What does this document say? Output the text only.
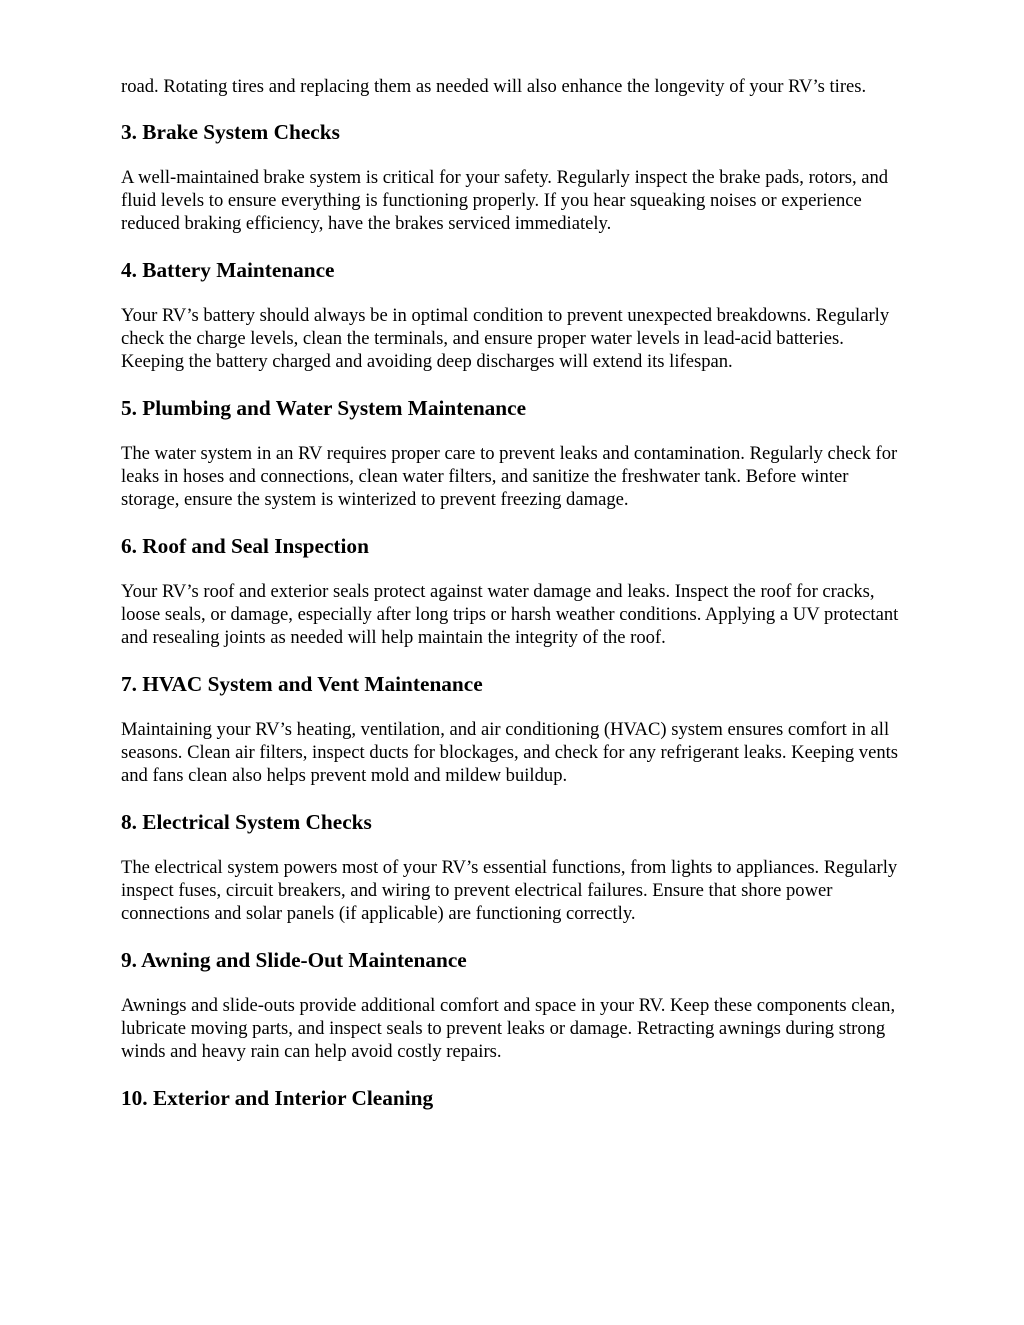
road. Rotating tires and replacing them as needed will also enhance the longevity of your RV’s tires.

3. Brake System Checks

A well-maintained brake system is critical for your safety. Regularly inspect the brake pads, rotors, and fluid levels to ensure everything is functioning properly. If you hear squeaking noises or experience reduced braking efficiency, have the brakes serviced immediately.

4. Battery Maintenance

Your RV’s battery should always be in optimal condition to prevent unexpected breakdowns. Regularly check the charge levels, clean the terminals, and ensure proper water levels in lead-acid batteries. Keeping the battery charged and avoiding deep discharges will extend its lifespan.

5. Plumbing and Water System Maintenance

The water system in an RV requires proper care to prevent leaks and contamination. Regularly check for leaks in hoses and connections, clean water filters, and sanitize the freshwater tank. Before winter storage, ensure the system is winterized to prevent freezing damage.

6. Roof and Seal Inspection

Your RV’s roof and exterior seals protect against water damage and leaks. Inspect the roof for cracks, loose seals, or damage, especially after long trips or harsh weather conditions. Applying a UV protectant and resealing joints as needed will help maintain the integrity of the roof.

7. HVAC System and Vent Maintenance

Maintaining your RV’s heating, ventilation, and air conditioning (HVAC) system ensures comfort in all seasons. Clean air filters, inspect ducts for blockages, and check for any refrigerant leaks. Keeping vents and fans clean also helps prevent mold and mildew buildup.

8. Electrical System Checks

The electrical system powers most of your RV’s essential functions, from lights to appliances. Regularly inspect fuses, circuit breakers, and wiring to prevent electrical failures. Ensure that shore power connections and solar panels (if applicable) are functioning correctly.

9. Awning and Slide-Out Maintenance

Awnings and slide-outs provide additional comfort and space in your RV. Keep these components clean, lubricate moving parts, and inspect seals to prevent leaks or damage. Retracting awnings during strong winds and heavy rain can help avoid costly repairs.

10. Exterior and Interior Cleaning
